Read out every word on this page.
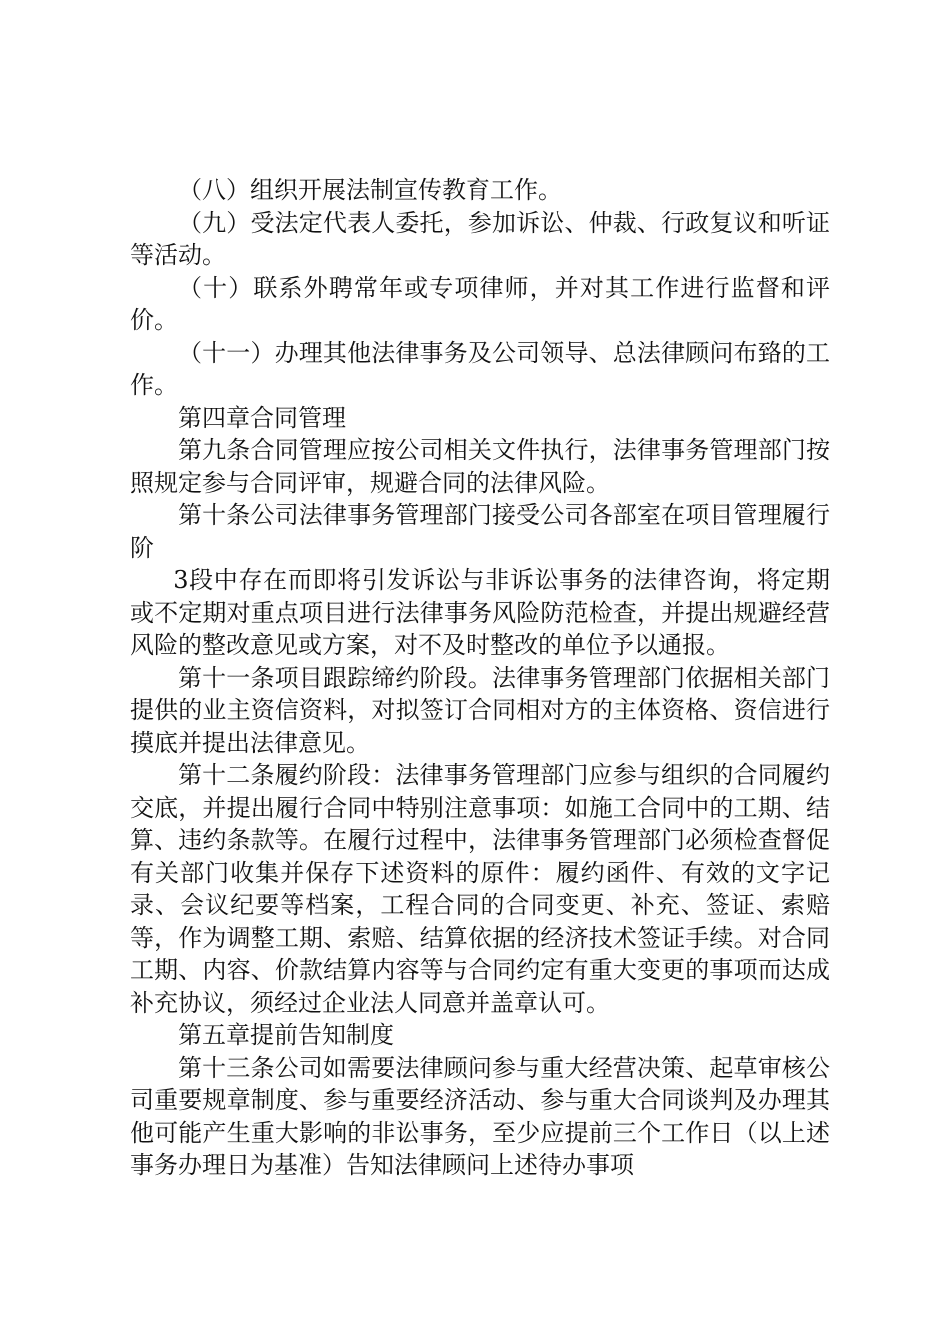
（八）组织开展法制宣传教育工作。

（九）受法定代表人委托，参加诉讼、仲裁、行政复议和听证等活动。

（十）联系外聘常年或专项律师，并对其工作进行监督和评价。

（十一）办理其他法律事务及公司领导、总法律顾问布臵的工作。

第四章合同管理

第九条合同管理应按公司相关文件执行，法律事务管理部门按照规定参与合同评审，规避合同的法律风险。

第十条公司法律事务管理部门接受公司各部室在项目管理履行阶

3段中存在而即将引发诉讼与非诉讼事务的法律咨询，将定期或不定期对重点项目进行法律事务风险防范检查，并提出规避经营风险的整改意见或方案，对不及时整改的单位予以通报。

第十一条项目跟踪缔约阶段。法律事务管理部门依据相关部门提供的业主资信资料，对拟签订合同相对方的主体资格、资信进行摸底并提出法律意见。

第十二条履约阶段：法律事务管理部门应参与组织的合同履约交底，并提出履行合同中特别注意事项：如施工合同中的工期、结算、违约条款等。在履行过程中，法律事务管理部门必须检查督促有关部门收集并保存下述资料的原件：履约函件、有效的文字记录、会议纪要等档案，工程合同的合同变更、补充、签证、索赔等，作为调整工期、索赔、结算依据的经济技术签证手续。对合同工期、内容、价款结算内容等与合同约定有重大变更的事项而达成补充协议，须经过企业法人同意并盖章认可。

第五章提前告知制度

第十三条公司如需要法律顾问参与重大经营决策、起草审核公司重要规章制度、参与重要经济活动、参与重大合同谈判及办理其他可能产生重大影响的非讼事务，至少应提前三个工作日（以上述事务办理日为基准）告知法律顾问上述待办事项
